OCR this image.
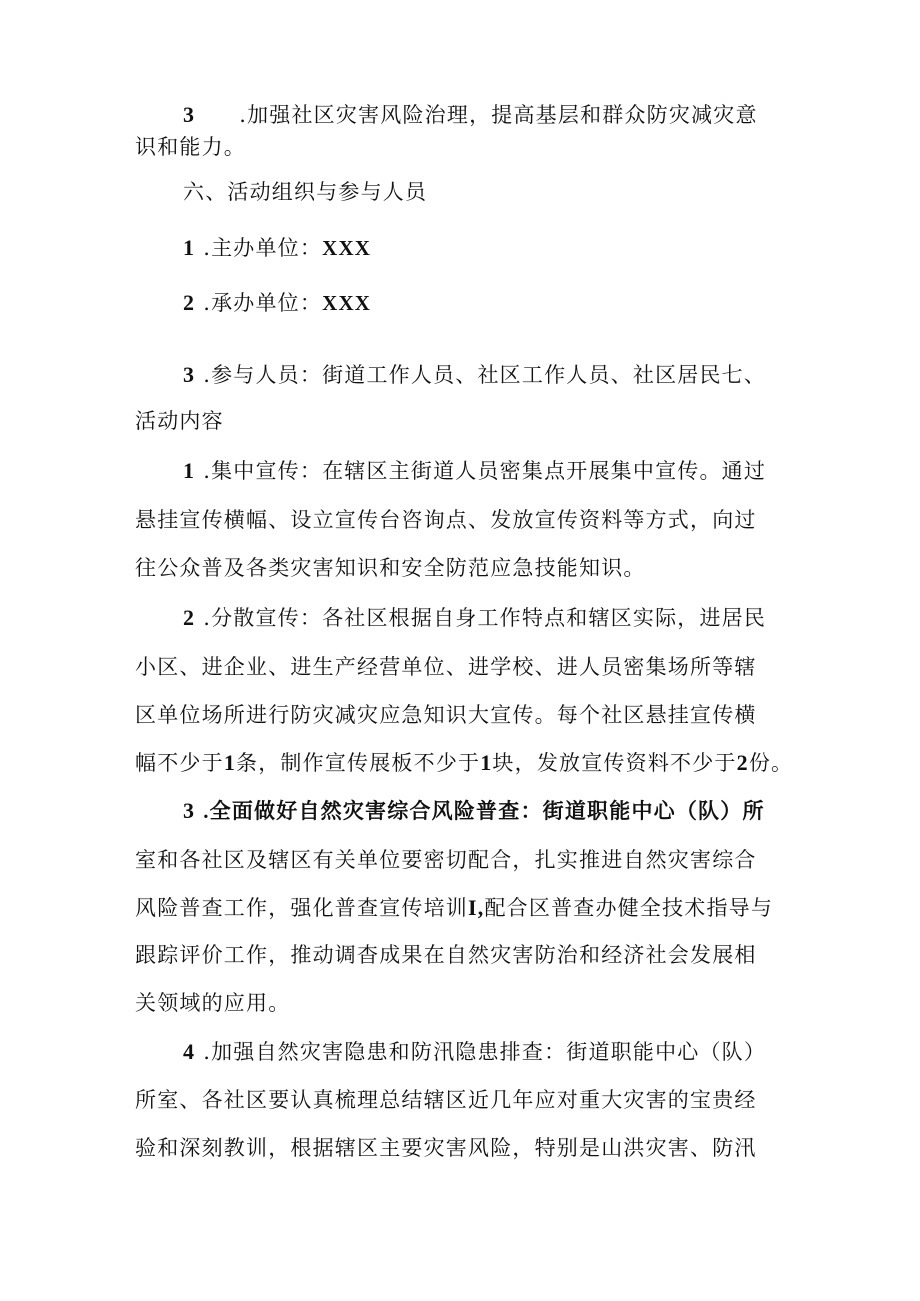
3 .加强社区灾害风险治理，提高基层和群众防灾减灾意

识和能力。

六、活动组织与参与人员

1 .主办单位：XXX

2 .承办单位：XXX

3 .参与人员：街道工作人员、社区工作人员、社区居民七、

活动内容

1 .集中宣传：在辖区主街道人员密集点开展集中宣传。通过

悬挂宣传横幅、设立宣传台咨询点、发放宣传资料等方式，向过

往公众普及各类灾害知识和安全防范应急技能知识。

2 .分散宣传：各社区根据自身工作特点和辖区实际，进居民

小区、进企业、进生产经营单位、进学校、进人员密集场所等辖

区单位场所进行防灾减灾应急知识大宣传。每个社区悬挂宣传横

幅不少于1条，制作宣传展板不少于1块，发放宣传资料不少于2份。

3 .全面做好自然灾害综合风险普查：街道职能中心（队）所

室和各社区及辖区有关单位要密切配合，扎实推进自然灾害综合

风险普查工作，强化普查宣传培训I,配合区普查办健全技术指导与

跟踪评价工作，推动调杳成果在自然灾害防治和经济社会发展相

关领域的应用。

4 .加强自然灾害隐患和防汛隐患排查：街道职能中心（队）

所室、各社区要认真梳理总结辖区近几年应对重大灾害的宝贵经

验和深刻教训，根据辖区主要灾害风险，特别是山洪灾害、防汛
